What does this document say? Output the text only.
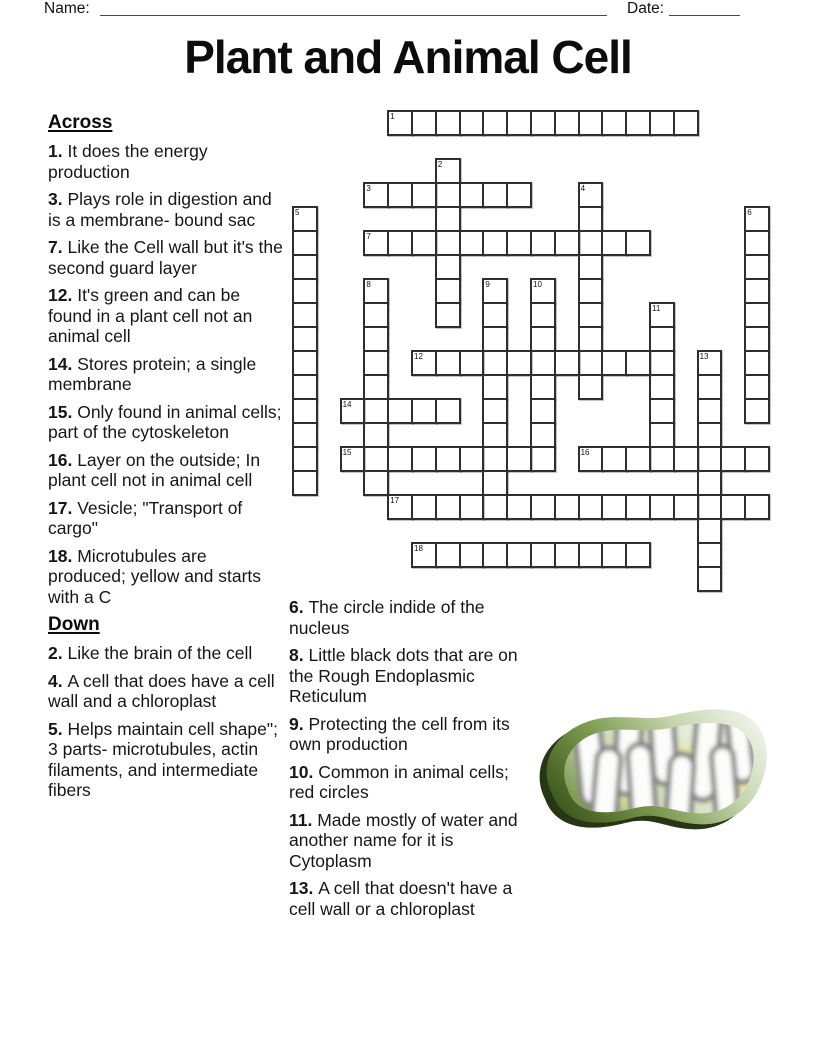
Name:	Date:
Plant and Animal Cell
1
2
3	4
5	6
7
8	9	10
11
12	13
14
15	16
17
18

Across

1. It does the energy production

3. Plays role in digestion and is a membrane- bound sac

7. Like the Cell wall but it's the second guard layer

12. It's green and can be found in a plant cell not an animal cell

14. Stores protein; a single membrane

15. Only found in animal cells; part of the cytoskeleton

16. Layer on the outside; In plant cell not in animal cell

17. Vesicle; "Transport of cargo"

18. Microtubules are produced; yellow and starts with a C

Down

2. Like the brain of the cell

4. A cell that does have a cell wall and a chloroplast

5. Helps maintain cell shape"; 3 parts- microtubules, actin filaments, and intermediate fibers

6. The circle indide of the nucleus

8. Little black dots that are on the Rough Endoplasmic Reticulum

9. Protecting the cell from its own production

10. Common in animal cells; red circles

11. Made mostly of water and another name for it is Cytoplasm

13. A cell that doesn't have a cell wall or a chloroplast
